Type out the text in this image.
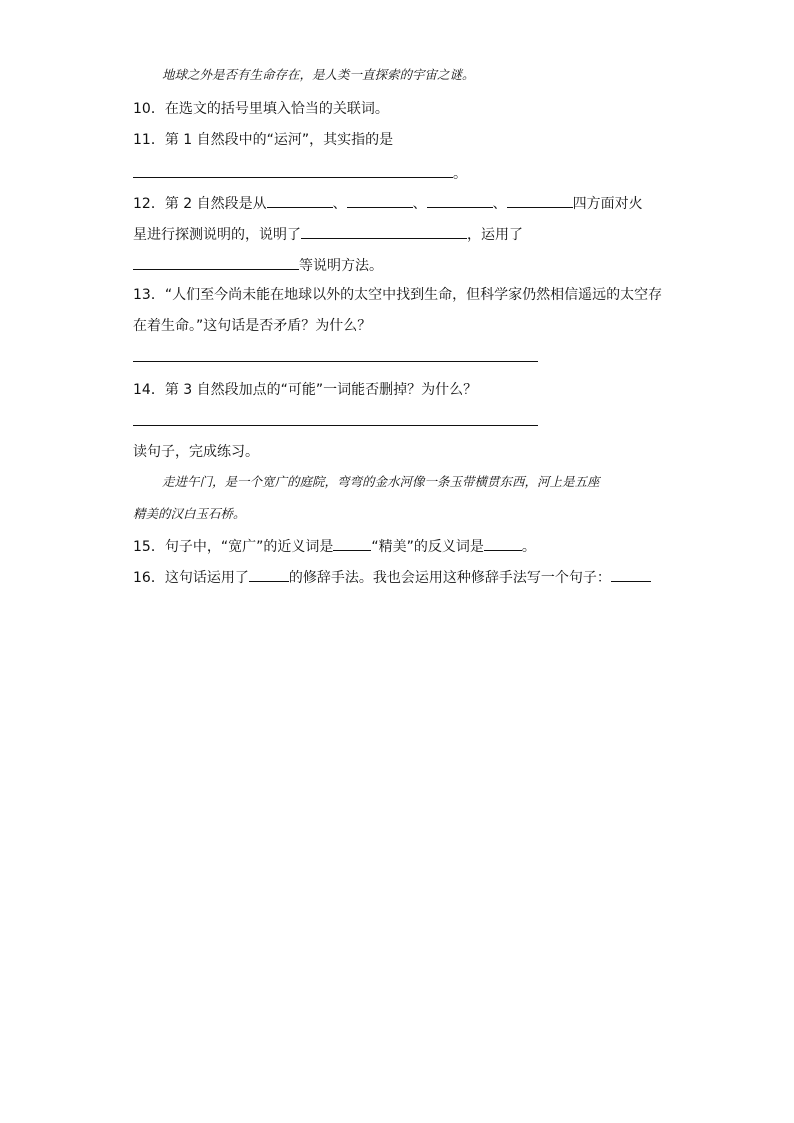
地球之外是否有生命存在，是人类一直探索的宇宙之谜。
10．在选文的括号里填入恰当的关联词。
11．第 1 自然段中的“运河”，其实指的是
。
12．第 2 自然段是从	、	、	、	四方面对火
星进行探测说明的，说明了	，运用了
等说明方法。
13．“人们至今尚未能在地球以外的太空中找到生命，但科学家仍然相信遥远的太空存
在着生命。”这句话是否矛盾？为什么？
14．第 3 自然段加点的“可能”一词能否删掉？为什么？
读句子，完成练习。
走进午门，是一个宽广的庭院，弯弯的金水河像一条玉带横贯东西，河上是五座
精美的汉白玉石桥。
15．句子中，“宽广”的近义词是	“精美”的反义词是	。
16．这句话运用了	的修辞手法。我也会运用这种修辞手法写一个句子：
